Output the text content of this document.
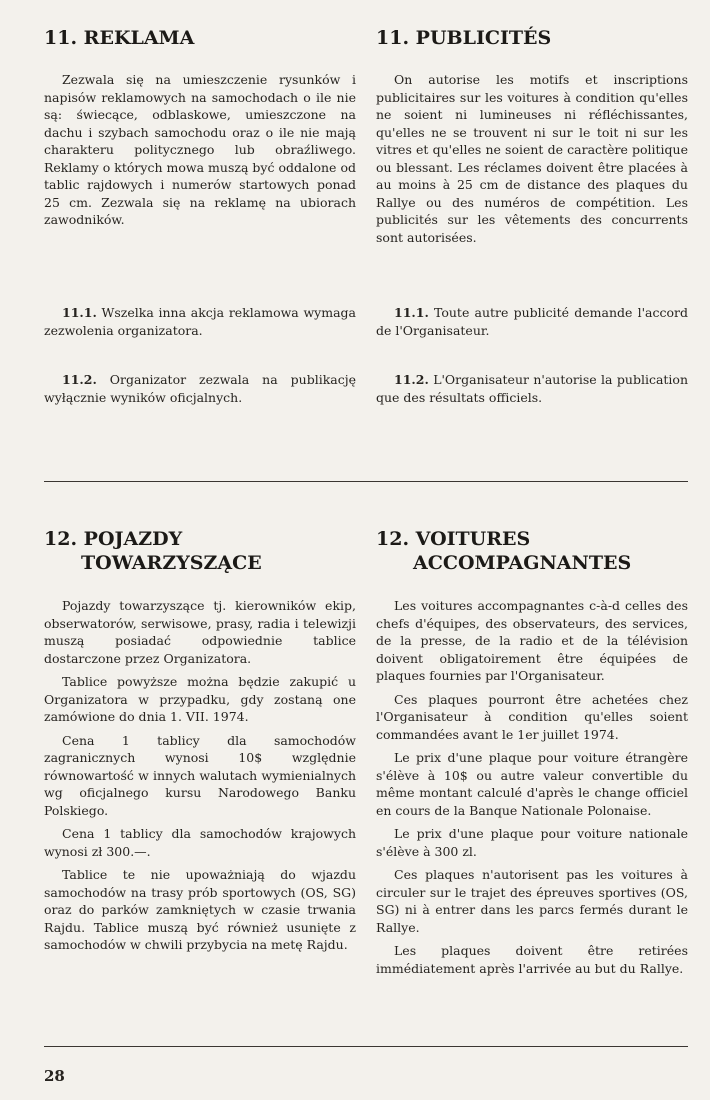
11. REKLAMA

Zezwala się na umieszczenie rysunków i napisów reklamowych na samochodach o ile nie są: świecące, odblaskowe, umieszczone na dachu i szybach samochodu oraz o ile nie mają charakteru politycznego lub obraźliwego. Reklamy o których mowa muszą być oddalone od tablic rajdowych i numerów startowych ponad 25 cm. Zezwala się na reklamę na ubiorach zawodników.

11. PUBLICITÉS

On autorise les motifs et inscriptions publicitaires sur les voitures à condition qu'elles ne soient ni lumineuses ni réfléchissantes, qu'elles ne se trouvent ni sur le toit ni sur les vitres et qu'elles ne soient de caractère politique ou blessant. Les réclames doivent être placées à au moins à 25 cm de distance des plaques du Rallye ou des numéros de compétition. Les publicités sur les vêtements des concurrents sont autorisées.

11.1. Wszelka inna akcja reklamowa wymaga zezwolenia organizatora.

11.1. Toute autre publicité demande l'accord de l'Organisateur.

11.2. Organizator zezwala na publikację wyłącznie wyników oficjalnych.

11.2. L'Organisateur n'autorise la publication que des résultats officiels.

12. POJAZDY
TOWARZYSZĄCE

Pojazdy towarzyszące tj. kierowników ekip, obserwatorów, serwisowe, prasy, radia i telewizji muszą posiadać odpowiednie tablice dostarczone przez Organizatora.

Tablice powyższe można będzie zakupić u Organizatora w przypadku, gdy zostaną one zamówione do dnia 1. VII. 1974.

Cena 1 tablicy dla samochodów zagranicznych wynosi 10$ względnie równowartość w innych walutach wymienialnych wg oficjalnego kursu Narodowego Banku Polskiego.

Cena 1 tablicy dla samochodów krajowych wynosi zł 300.—.

Tablice te nie upoważniają do wjazdu samochodów na trasy prób sportowych (OS, SG) oraz do parków zamkniętych w czasie trwania Rajdu. Tablice muszą być również usunięte z samochodów w chwili przybycia na metę Rajdu.

12. VOITURES
ACCOMPAGNANTES

Les voitures accompagnantes c-à-d celles des chefs d'équipes, des observateurs, des services, de la presse, de la radio et de la télévision doivent obligatoirement être équipées de plaques fournies par l'Organisateur.

Ces plaques pourront être achetées chez l'Organisateur à condition qu'elles soient commandées avant le 1er juillet 1974.

Le prix d'une plaque pour voiture étrangère s'élève à 10$ ou autre valeur convertible du même montant calculé d'après le change officiel en cours de la Banque Nationale Polonaise.

Le prix d'une plaque pour voiture nationale s'élève à 300 zl.

Ces plaques n'autorisent pas les voitures à circuler sur le trajet des épreuves sportives (OS, SG) ni à entrer dans les parcs fermés durant le Rallye.

Les plaques doivent être retirées immédiatement après l'arrivée au but du Rallye.

28
